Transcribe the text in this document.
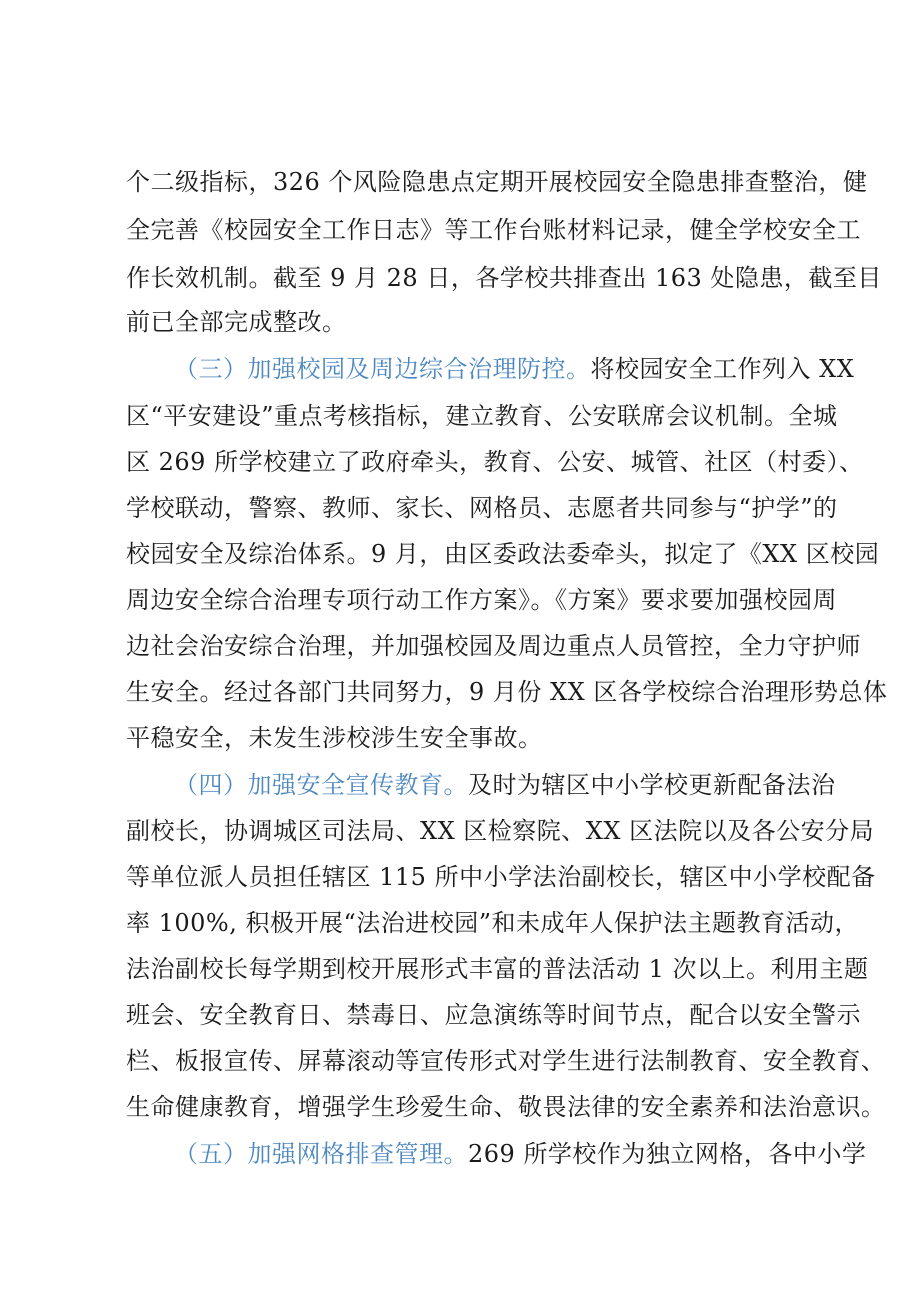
个二级指标，326 个风险隐患点定期开展校园安全隐患排查整治，健
全完善《校园安全工作日志》等工作台账材料记录，健全学校安全工
作长效机制。截至 9 月 28 日，各学校共排查出 163 处隐患，截至目
前已全部完成整改。
（三）加强校园及周边综合治理防控。将校园安全工作列入 XX
区“平安建设”重点考核指标，建立教育、公安联席会议机制。全城
区 269 所学校建立了政府牵头，教育、公安、城管、社区（村委）、
学校联动，警察、教师、家长、网格员、志愿者共同参与“护学”的
校园安全及综治体系。9 月，由区委政法委牵头，拟定了《XX 区校园
周边安全综合治理专项行动工作方案》。《方案》要求要加强校园周
边社会治安综合治理，并加强校园及周边重点人员管控，全力守护师
生安全。经过各部门共同努力，9 月份 XX 区各学校综合治理形势总体
平稳安全，未发生涉校涉生安全事故。
（四）加强安全宣传教育。及时为辖区中小学校更新配备法治
副校长，协调城区司法局、XX 区检察院、XX 区法院以及各公安分局
等单位派人员担任辖区 115 所中小学法治副校长，辖区中小学校配备
率 100%, 积极开展“法治进校园”和未成年人保护法主题教育活动，
法治副校长每学期到校开展形式丰富的普法活动 1 次以上。利用主题
班会、安全教育日、禁毒日、应急演练等时间节点，配合以安全警示
栏、板报宣传、屏幕滚动等宣传形式对学生进行法制教育、安全教育、
生命健康教育，增强学生珍爱生命、敬畏法律的安全素养和法治意识。
（五）加强网格排查管理。269 所学校作为独立网格，各中小学
